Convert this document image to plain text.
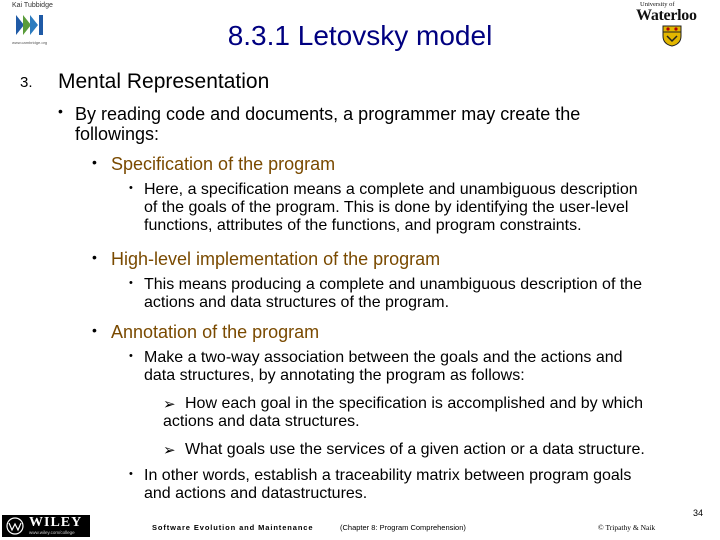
Kai Tubbidge
www.cambridge.org
University of
Waterloo
8.3.1 Letovsky model
3. Mental Representation
• By reading code and documents, a programmer may create the
followings:
• Specification of the program
• Here, a specification means a complete and unambiguous description
of the goals of the program. This is done by identifying the user-level
functions, attributes of the functions, and program constraints.
• High-level implementation of the program
• This means producing a complete and unambiguous description of the
actions and data structures of the program.
• Annotation of the program
• Make a two-way association between the goals and the actions and
data structures, by annotating the program as follows:
➢ How each goal in the specification is accomplished and by which
actions and data structures.
➢ What goals use the services of a given action or a data structure.
• In other words, establish a traceability matrix between program goals
and actions and datastructures.
34
WILEY
www.wiley.com/college
Software Evolution and Maintenance	(Chapter 8: Program Comprehension)	© Tripathy & Naik
